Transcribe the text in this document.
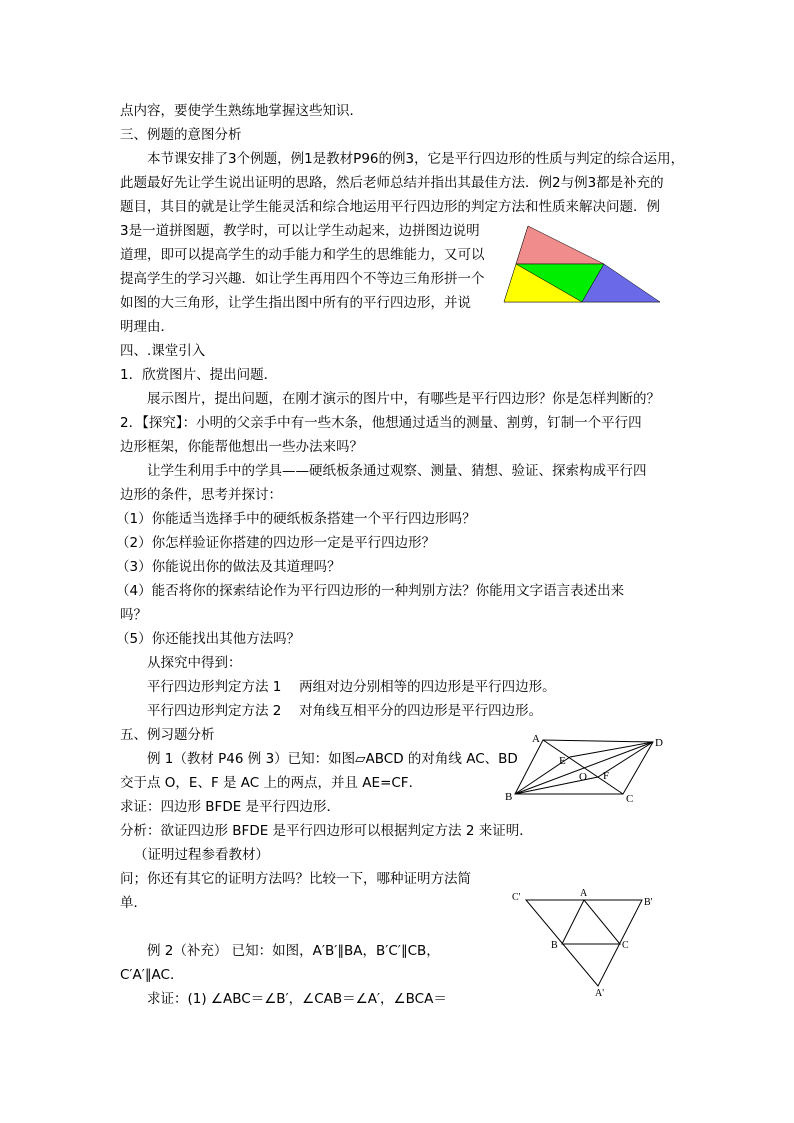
点内容，要使学生熟练地掌握这些知识．
三、例题的意图分析
本节课安排了3个例题，例1是教材P96的例3，它是平行四边形的性质与判定的综合运用，
此题最好先让学生说出证明的思路，然后老师总结并指出其最佳方法．例2与例3都是补充的
题目，其目的就是让学生能灵活和综合地运用平行四边形的判定方法和性质来解决问题．例
3是一道拼图题，教学时，可以让学生动起来，边拼图边说明
道理，即可以提高学生的动手能力和学生的思维能力，又可以
提高学生的学习兴趣．如让学生再用四个不等边三角形拼一个
如图的大三角形，让学生指出图中所有的平行四边形，并说
明理由．
四、.课堂引入
1．欣赏图片、提出问题．
展示图片，提出问题，在刚才演示的图片中，有哪些是平行四边形？你是怎样判断的？
2．【探究】：小明的父亲手中有一些木条，他想通过适当的测量、割剪，钉制一个平行四
边形框架，你能帮他想出一些办法来吗？
让学生利用手中的学具——硬纸板条通过观察、测量、猜想、验证、探索构成平行四
边形的条件，思考并探讨：
（1）你能适当选择手中的硬纸板条搭建一个平行四边形吗？
（2）你怎样验证你搭建的四边形一定是平行四边形？
（3）你能说出你的做法及其道理吗？
（4）能否将你的探索结论作为平行四边形的一种判别方法？你能用文字语言表述出来
吗？
（5）你还能找出其他方法吗？
从探究中得到：
平行四边形判定方法 1　 两组对边分别相等的四边形是平行四边形。
平行四边形判定方法 2　 对角线互相平分的四边形是平行四边形。
五、例习题分析
例 1（教材 P46 例 3）已知：如图▱ABCD 的对角线 AC、BD
交于点 O，E、F 是 AC 上的两点，并且 AE=CF．
求证：四边形 BFDE 是平行四边形．
分析：欲证四边形 BFDE 是平行四边形可以根据判定方法 2 来证明．
（证明过程参看教材）
问；你还有其它的证明方法吗？比较一下，哪种证明方法简
单．
例 2（补充） 已知：如图，A′B′∥BA，B′C′∥CB，
C′A′∥AC．
求证：(1) ∠ABC＝∠B′，∠CAB＝∠A′，∠BCA＝
A	D
B	C
E
O F
C'	A
B'
B	C
A'
